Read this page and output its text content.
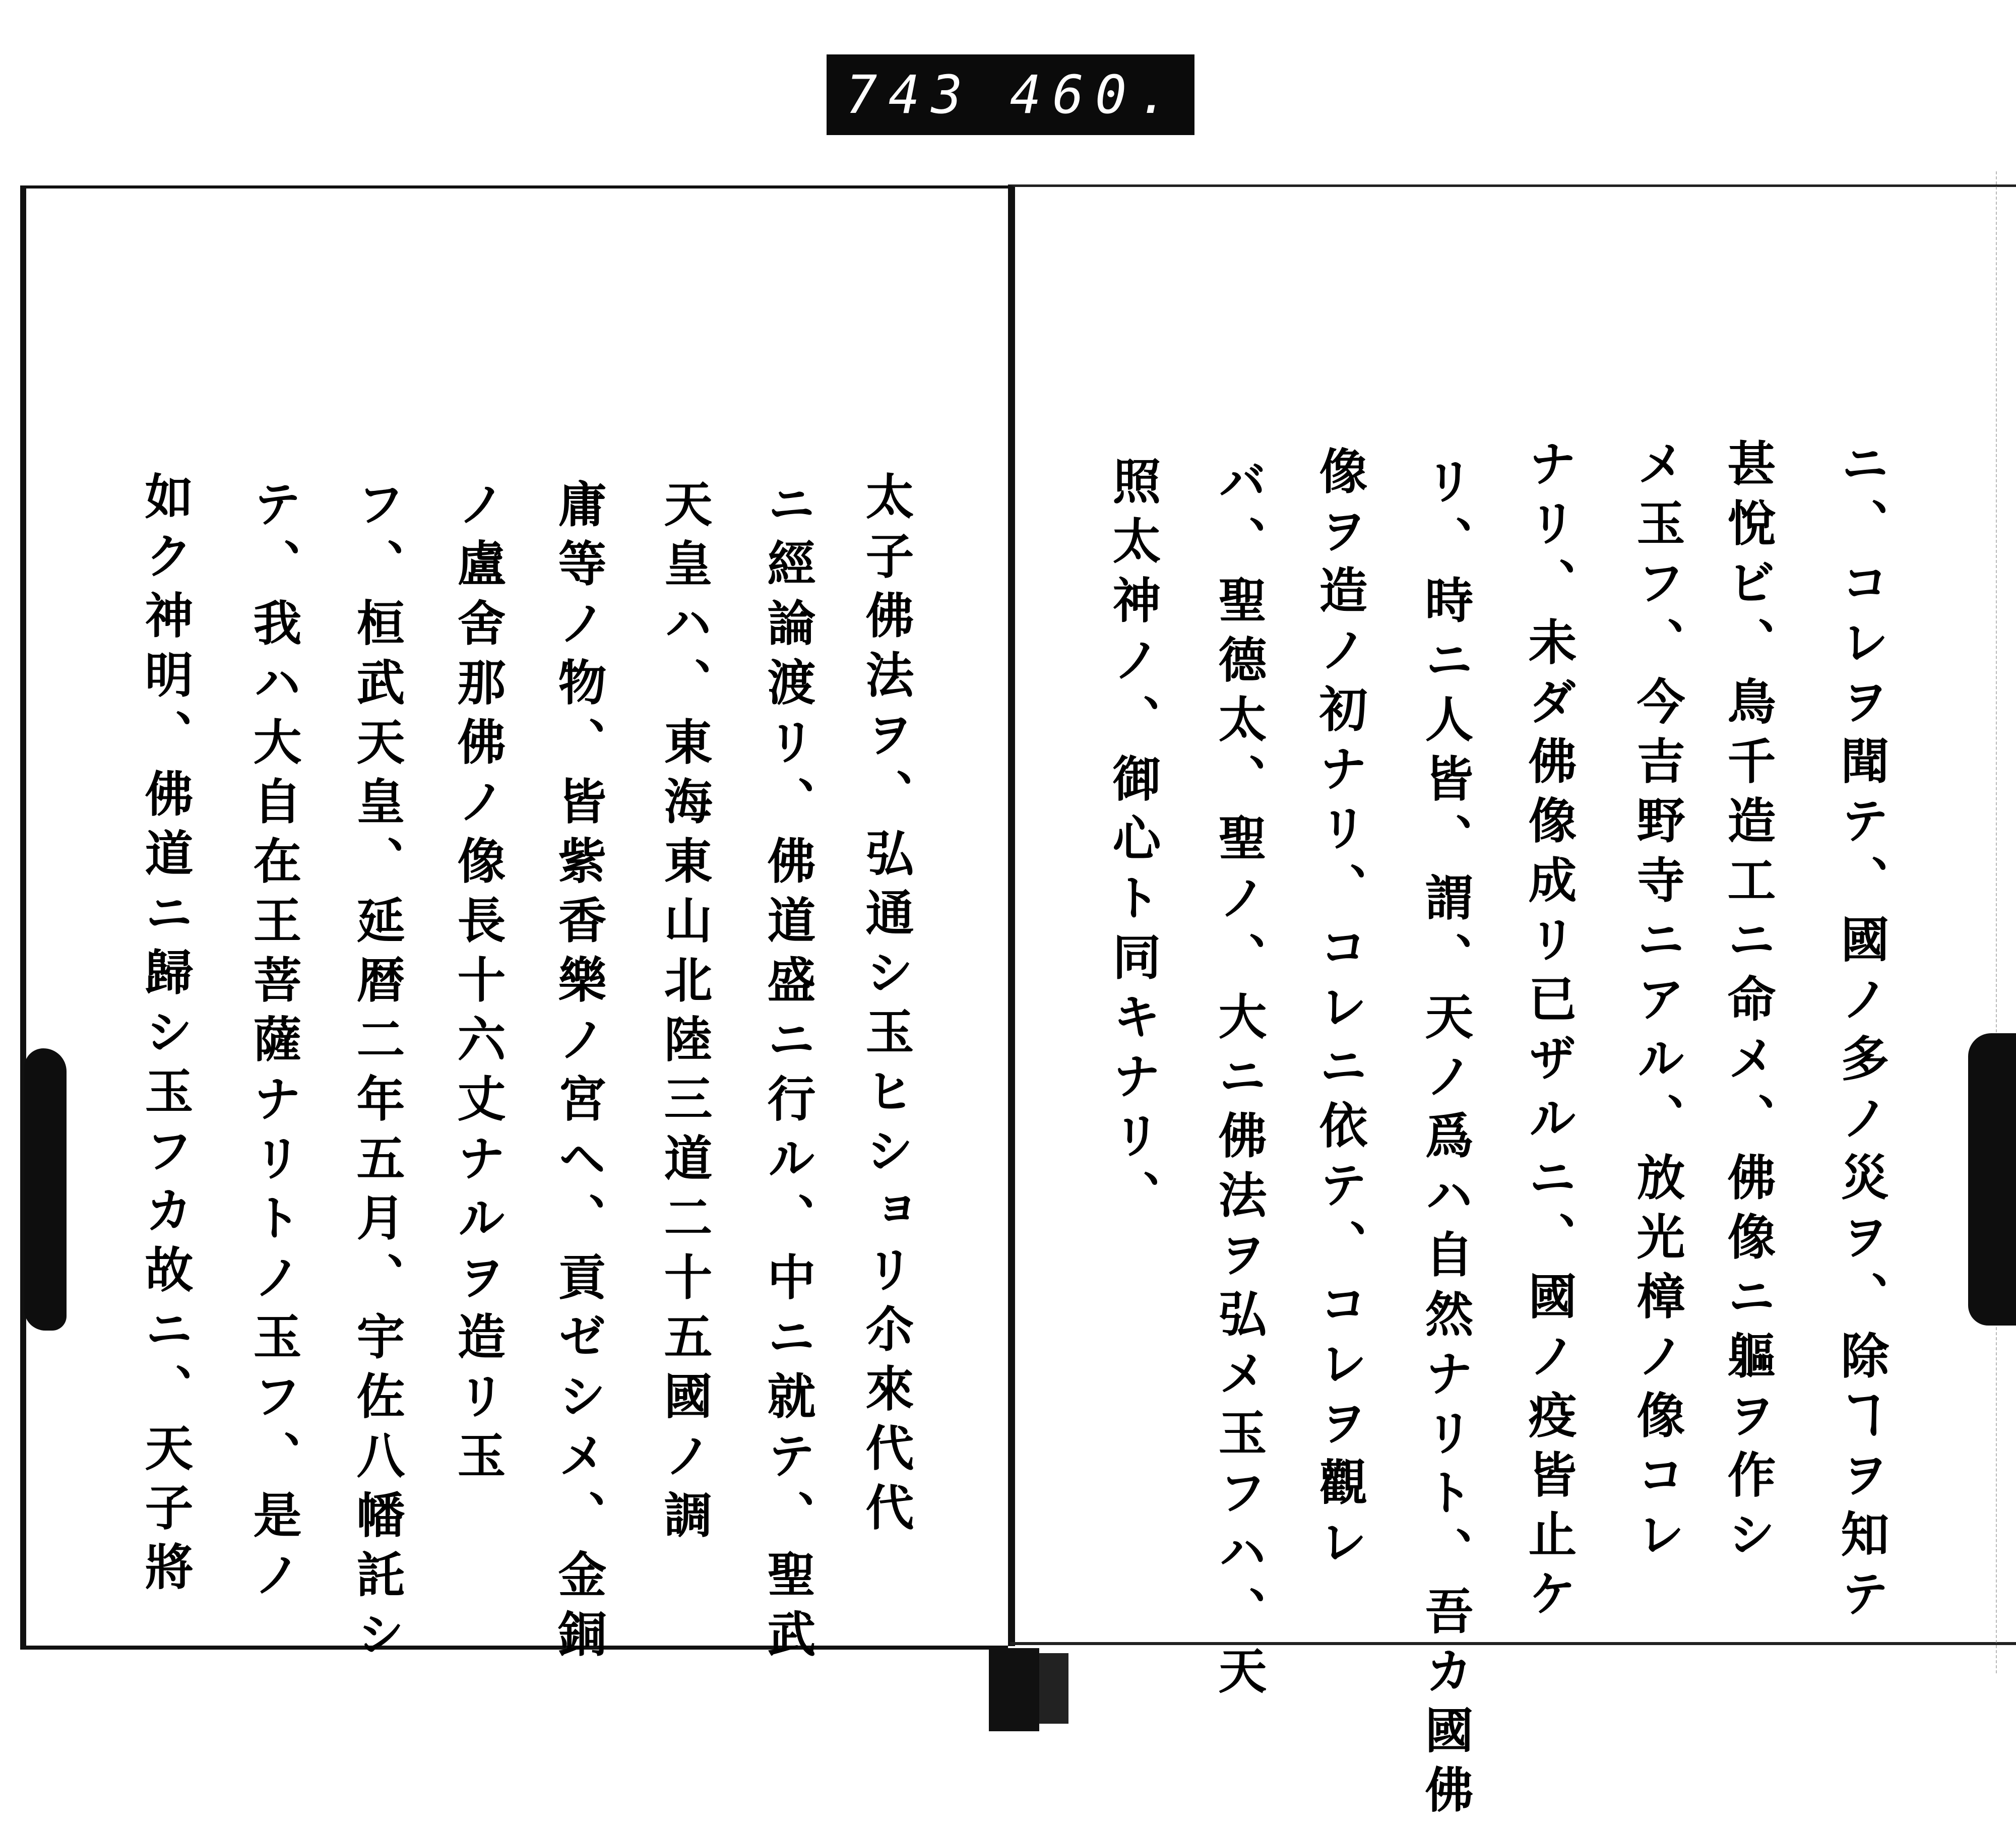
743 460.
ニ、コレヲ聞テ、國ノ多ノ災ヲ、除ヿヲ知テ
甚悅ビ、鳥千造工ニ命メ、佛像ニ軀ヲ作シ
メ玉フ、今吉野寺ニアル、放光樟ノ像コレ
ナリ、未ダ佛像成リ已ザルニ、國ノ疫皆止ケ
リ、時ニ人皆、謂、天ノ爲ハ自然ナリト、吾カ國佛
像ヲ造ノ初ナリ、コレニ依テ、コレヲ觀レ
バ、聖德太、聖ノ、大ニ佛法ヲ弘メ玉フハ、天
照太神ノ、御心ト同キナリ、
太子佛法ヲ、弘通シ玉ヒショリ尒來代代
ニ經論渡リ、佛道盛ニ行ル、中ニ就テ、聖武
天皇ハ、東海東山北陸三道二十五國ノ調
庸等ノ物、皆紫香樂ノ宮ヘ、貢ゼシメ、金銅
ノ盧舍那佛ノ像長十六丈ナルヲ造リ玉
フ、桓武天皇、延暦二年五月、宇佐八幡託シ
テ、我ハ大自在王菩薩ナリトノ玉フ、是ノ
如ク神明、佛道ニ歸シ玉フカ故ニ、天子將
